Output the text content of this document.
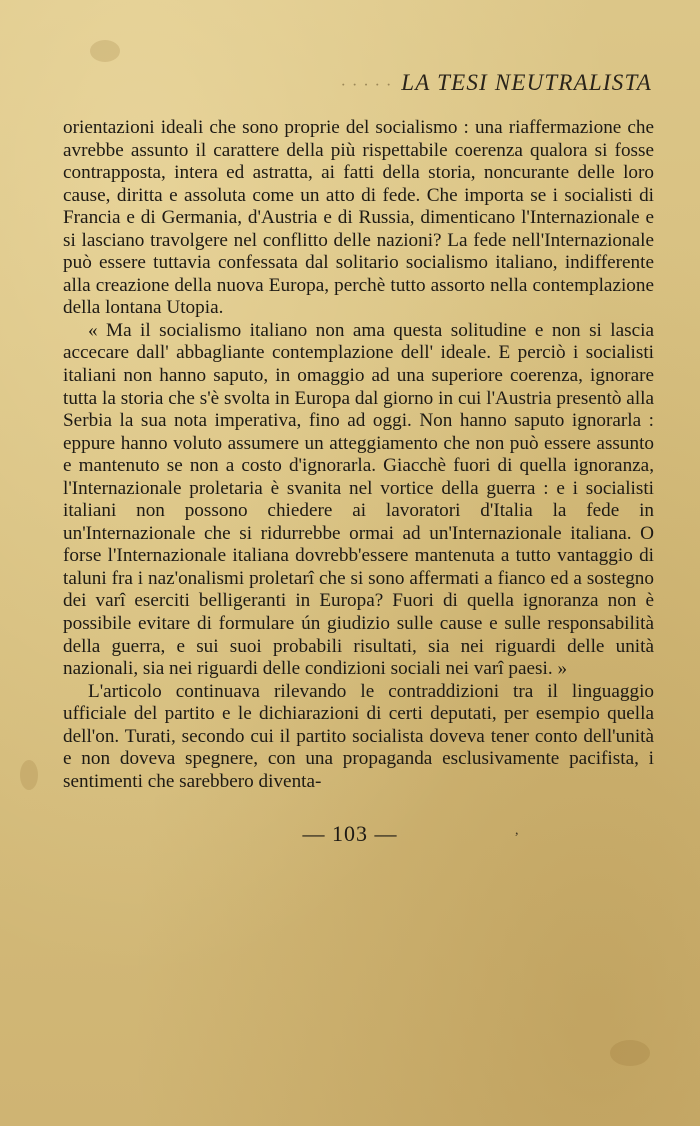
····· LA TESI NEUTRALISTA

orientazioni ideali che sono proprie del socialismo : una riaffermazione che avrebbe assunto il carattere della più rispettabile coerenza qualora si fosse contrapposta, intera ed astratta, ai fatti della storia, noncurante delle loro cause, diritta e assoluta come un atto di fede. Che importa se i socialisti di Francia e di Germania, d'Austria e di Russia, dimenticano l'Internazionale e si lasciano travolgere nel conflitto delle nazioni? La fede nell'Internazionale può essere tuttavia confessata dal solitario socialismo italiano, indifferente alla creazione della nuova Europa, perchè tutto assorto nella contemplazione della lontana Utopia.

« Ma il socialismo italiano non ama questa solitudine e non si lascia accecare dall' abbagliante contemplazione dell' ideale. E perciò i socialisti italiani non hanno saputo, in omaggio ad una superiore coerenza, ignorare tutta la storia che s'è svolta in Europa dal giorno in cui l'Austria presentò alla Serbia la sua nota imperativa, fino ad oggi. Non hanno saputo ignorarla : eppure hanno voluto assumere un atteggiamento che non può essere assunto e mantenuto se non a costo d'ignorarla. Giacchè fuori di quella ignoranza, l'Internazionale proletaria è svanita nel vortice della guerra : e i socialisti italiani non possono chiedere ai lavoratori d'Italia la fede in un'Internazionale che si ridurrebbe ormai ad un'Internazionale italiana. O forse l'Internazionale italiana dovrebb'essere mantenuta a tutto vantaggio di taluni fra i naz'onalismi proletarî che si sono affermati a fianco ed a sostegno dei varî eserciti belligeranti in Europa? Fuori di quella ignoranza non è possibile evitare di formulare ún giudizio sulle cause e sulle responsabilità della guerra, e sui suoi probabili risultati, sia nei riguardi delle unità nazionali, sia nei riguardi delle condizioni sociali nei varî paesi. »

L'articolo continuava rilevando le contraddizioni tra il linguaggio ufficiale del partito e le dichiarazioni di certi deputati, per esempio quella dell'on. Turati, secondo cui il partito socialista doveva tener conto dell'unità e non doveva spegnere, con una propaganda esclusivamente pacifista, i sentimenti che sarebbero diventa-

— 103 —	,
